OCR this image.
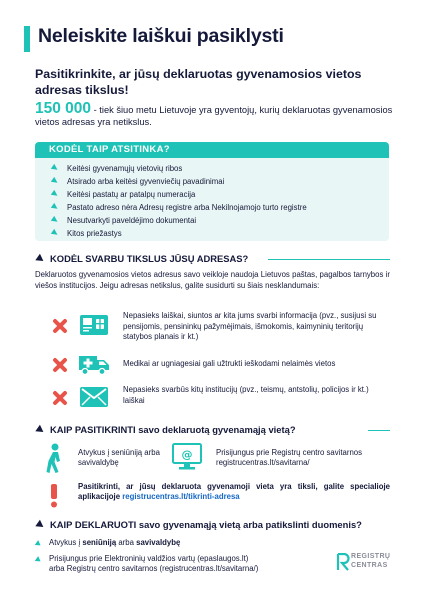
Neleiskite laiškui pasiklysti
Pasitikrinkite, ar jūsų deklaruotas gyvenamosios vietos adresas tikslus!
150 000 - tiek šiuo metu Lietuvoje yra gyventojų, kurių deklaruotas gyvenamosios vietos adresas yra netikslus.
KODĖL TAIP ATSITINKA?
Keitėsi gyvenamųjų vietovių ribos
Atsirado arba keitėsi gyvenviečių pavadinimai
Keitėsi pastatų ar patalpų numeracija
Pastato adreso nėra Adresų registre arba Nekilnojamojo turto registre
Nesutvarkyti paveldėjimo dokumentai
Kitos priežastys
KODĖL SVARBU TIKSLUS JŪSŲ ADRESAS?
Deklaruotos gyvenamosios vietos adresus savo veikloje naudoja Lietuvos paštas, pagalbos tarnybos ir viešos institucijos. Jeigu adresas netikslus, galite susidurti su šiais nesklandumais:
Nepasieks laiškai, siuntos ar kita jums svarbi informacija (pvz., susijusi su pensijomis, pensininkų pažymėjimais, išmokomis, kaimyninių teritorijų statybos planais ir kt.)
Medikai ar ugniagesiai gali užtrukti ieškodami nelaimės vietos
Nepasieks svarbūs kitų institucijų (pvz., teismų, antstolių, policijos ir kt.) laiškai
KAIP PASITIKRINTI savo deklaruotą gyvenamąją vietą?
Atvykus į seniūniją arba savivaldybę
@	Prisijungus prie Registrų centro savitarnos registrucentras.lt/savitarna/
Pasitikrinti, ar jūsų deklaruota gyvenamoji vieta yra tiksli, galite specialioje aplikacijoje registrucentras.lt/tikrinti-adresa
KAIP DEKLARUOTI savo gyvenamąją vietą arba patikslinti duomenis?
Atvykus į seniūniją arba savivaldybę
Prisijungus prie Elektroninių valdžios vartų (epaslaugos.lt)
arba Registrų centro savitarnos (registrucentras.lt/savitarna/)
REGISTRŲ
CENTRAS
